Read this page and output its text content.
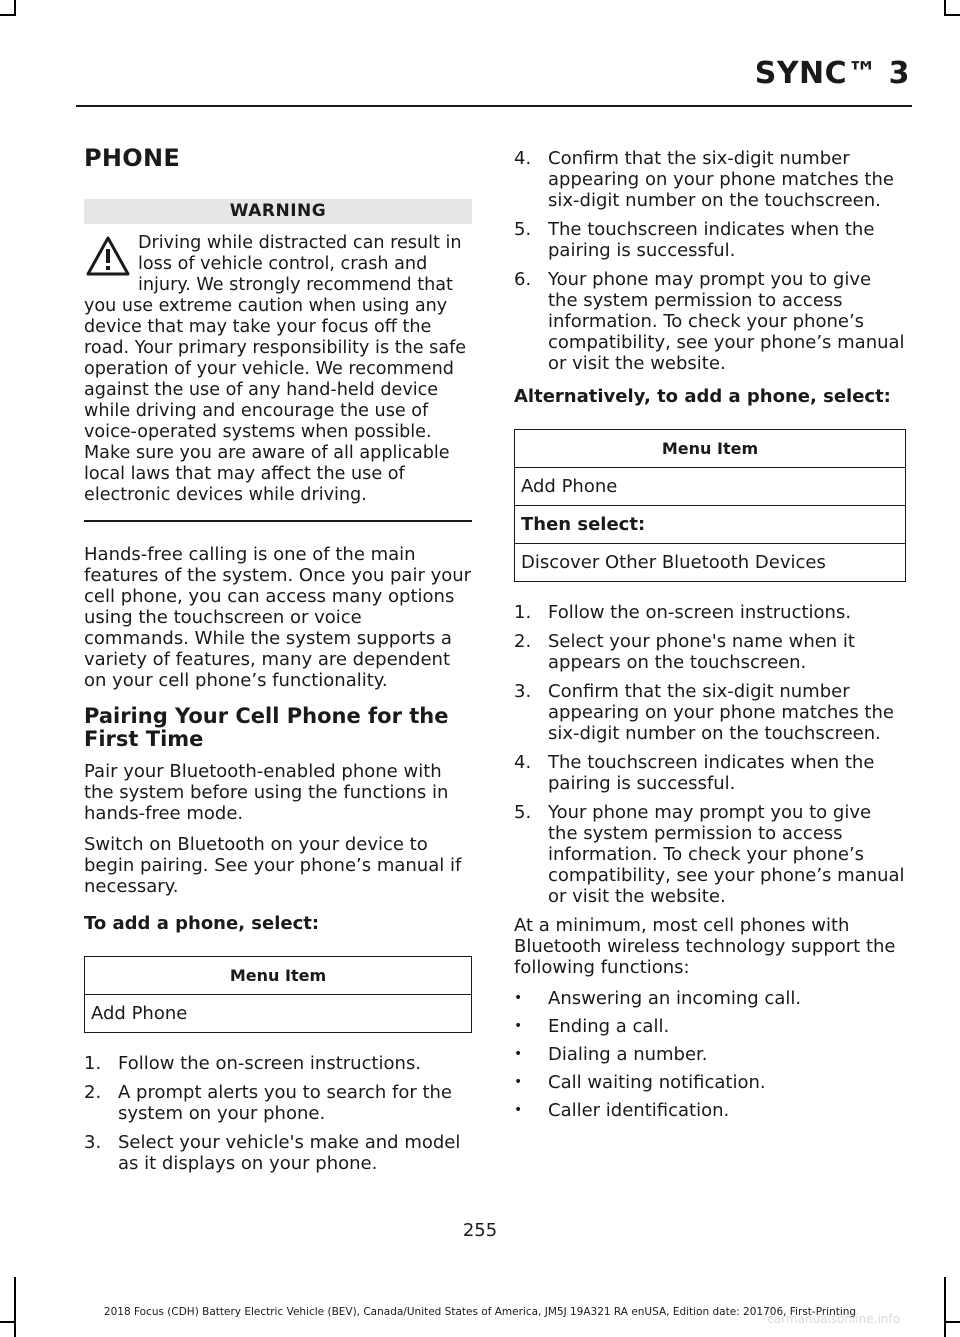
SYNC™ 3
PHONE
WARNING
Driving while distracted can result in loss of vehicle control, crash and injury. We strongly recommend that you use extreme caution when using any device that may take your focus off the road. Your primary responsibility is the safe operation of your vehicle. We recommend against the use of any hand-held device while driving and encourage the use of voice-operated systems when possible. Make sure you are aware of all applicable local laws that may affect the use of electronic devices while driving.

Hands-free calling is one of the main features of the system. Once you pair your cell phone, you can access many options using the touchscreen or voice commands. While the system supports a variety of features, many are dependent on your cell phone’s functionality.

Pairing Your Cell Phone for the First Time

Pair your Bluetooth-enabled phone with the system before using the functions in hands-free mode.

Switch on Bluetooth on your device to begin pairing. See your phone’s manual if necessary.

To add a phone, select:
Menu Item
Add Phone
1. Follow the on-screen instructions.
2. A prompt alerts you to search for the system on your phone.
3. Select your vehicle's make and model as it displays on your phone.
4. Confirm that the six-digit number appearing on your phone matches the six-digit number on the touchscreen.
5. The touchscreen indicates when the pairing is successful.
6. Your phone may prompt you to give the system permission to access information. To check your phone’s compatibility, see your phone’s manual or visit the website.
Alternatively, to add a phone, select:
Menu Item
Add Phone
Then select:
Discover Other Bluetooth Devices
1. Follow the on-screen instructions.
2. Select your phone's name when it appears on the touchscreen.
3. Confirm that the six-digit number appearing on your phone matches the six-digit number on the touchscreen.
4. The touchscreen indicates when the pairing is successful.
5. Your phone may prompt you to give the system permission to access information. To check your phone’s compatibility, see your phone’s manual or visit the website.

At a minimum, most cell phones with Bluetooth wireless technology support the following functions:

• Answering an incoming call.
• Ending a call.
• Dialing a number.
• Call waiting notification.
• Caller identification.
255
2018 Focus (CDH) Battery Electric Vehicle (BEV), Canada/United States of America, JM5J 19A321 RA enUSA, Edition date: 201706, First-Printing
carmanualsonline.info
